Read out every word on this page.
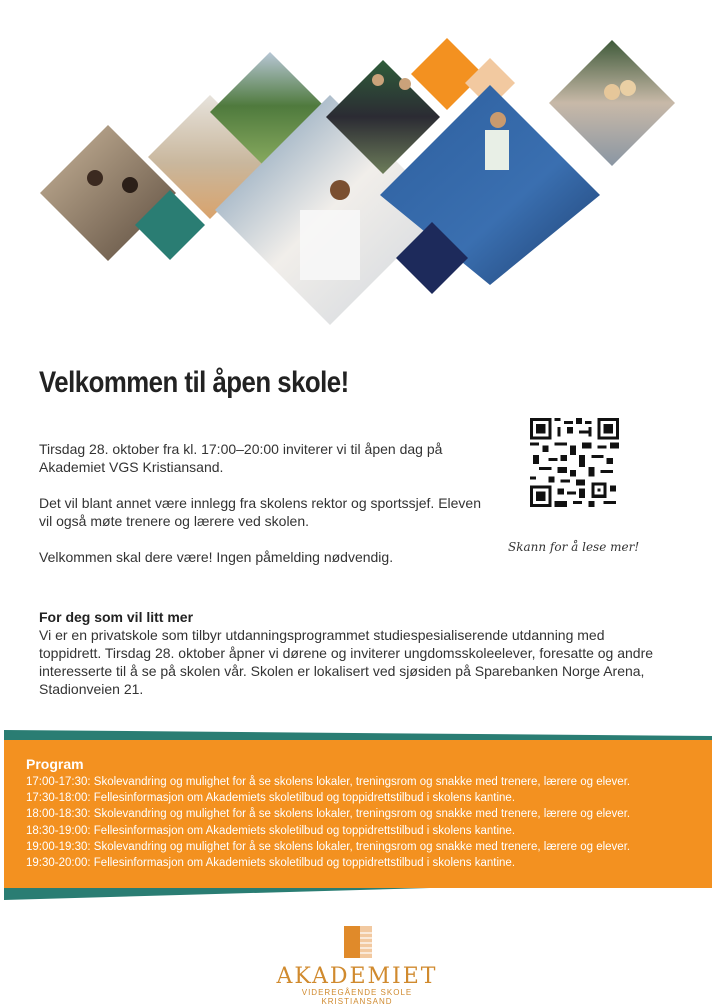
Velkommen til åpen skole!

Tirsdag 28. oktober fra kl. 17:00–20:00 inviterer vi til åpen dag på Akademiet VGS Kristiansand.

Det vil blant annet være innlegg fra skolens rektor og sportssjef. Eleven vil også møte trenere og lærere ved skolen.

Velkommen skal dere være! Ingen påmelding nødvendig.

Skann for å lese mer!
For deg som vil litt mer
Vi er en privatskole som tilbyr utdanningsprogrammet studiespesialiserende utdanning med toppidrett. Tirsdag 28. oktober åpner vi dørene og inviterer ungdomsskoleelever, foresatte og andre interesserte til å se på skolen vår. Skolen er lokalisert ved sjøsiden på Sparebanken Norge Arena, Stadionveien 21.
Program
17:00-17:30: Skolevandring og mulighet for å se skolens lokaler, treningsrom og snakke med trenere, lærere og elever.
17:30-18:00: Fellesinformasjon om Akademiets skoletilbud og toppidrettstilbud i skolens kantine.
18:00-18:30: Skolevandring og mulighet for å se skolens lokaler, treningsrom og snakke med trenere, lærere og elever.
18:30-19:00: Fellesinformasjon om Akademiets skoletilbud og toppidrettstilbud i skolens kantine.
19:00-19:30: Skolevandring og mulighet for å se skolens lokaler, treningsrom og snakke med trenere, lærere og elever.
19:30-20:00: Fellesinformasjon om Akademiets skoletilbud og toppidrettstilbud i skolens kantine.
AKADEMIET
VIDEREGÅENDE SKOLE
KRISTIANSAND
